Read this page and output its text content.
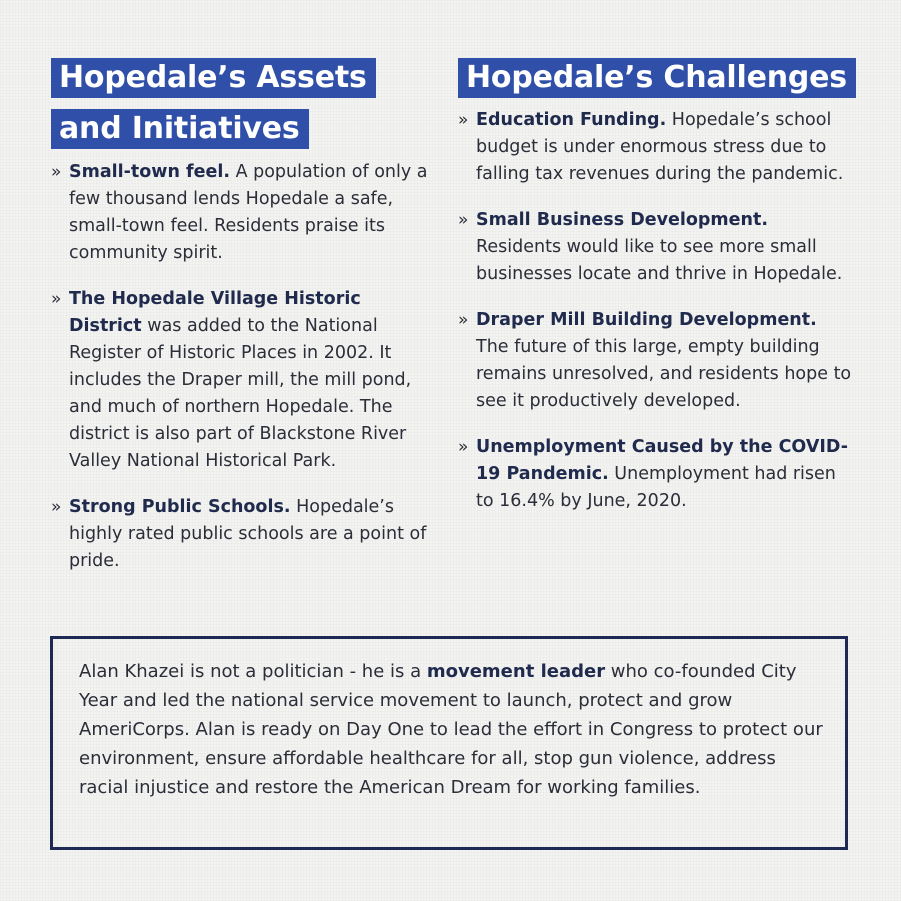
Hopedale’s Assets
and Initiatives
» Small-town feel. A population of only a few thousand lends Hopedale a safe, small-town feel. Residents praise its community spirit.
» The Hopedale Village Historic District was added to the National Register of Historic Places in 2002. It includes the Draper mill, the mill pond, and much of northern Hopedale. The district is also part of Blackstone River Valley National Historical Park.
» Strong Public Schools. Hopedale’s highly rated public schools are a point of pride.
Hopedale’s Challenges
» Education Funding. Hopedale’s school budget is under enormous stress due to falling tax revenues during the pandemic.
» Small Business Development. Residents would like to see more small businesses locate and thrive in Hopedale.
» Draper Mill Building Development. The future of this large, empty building remains unresolved, and residents hope to see it productively developed.
» Unemployment Caused by the COVID-19 Pandemic. Unemployment had risen to 16.4% by June, 2020.

Alan Khazei is not a politician - he is a movement leader who co-founded City Year and led the national service movement to launch, protect and grow AmeriCorps. Alan is ready on Day One to lead the effort in Congress to protect our environment, ensure affordable healthcare for all, stop gun violence, address racial injustice and restore the American Dream for working families.
